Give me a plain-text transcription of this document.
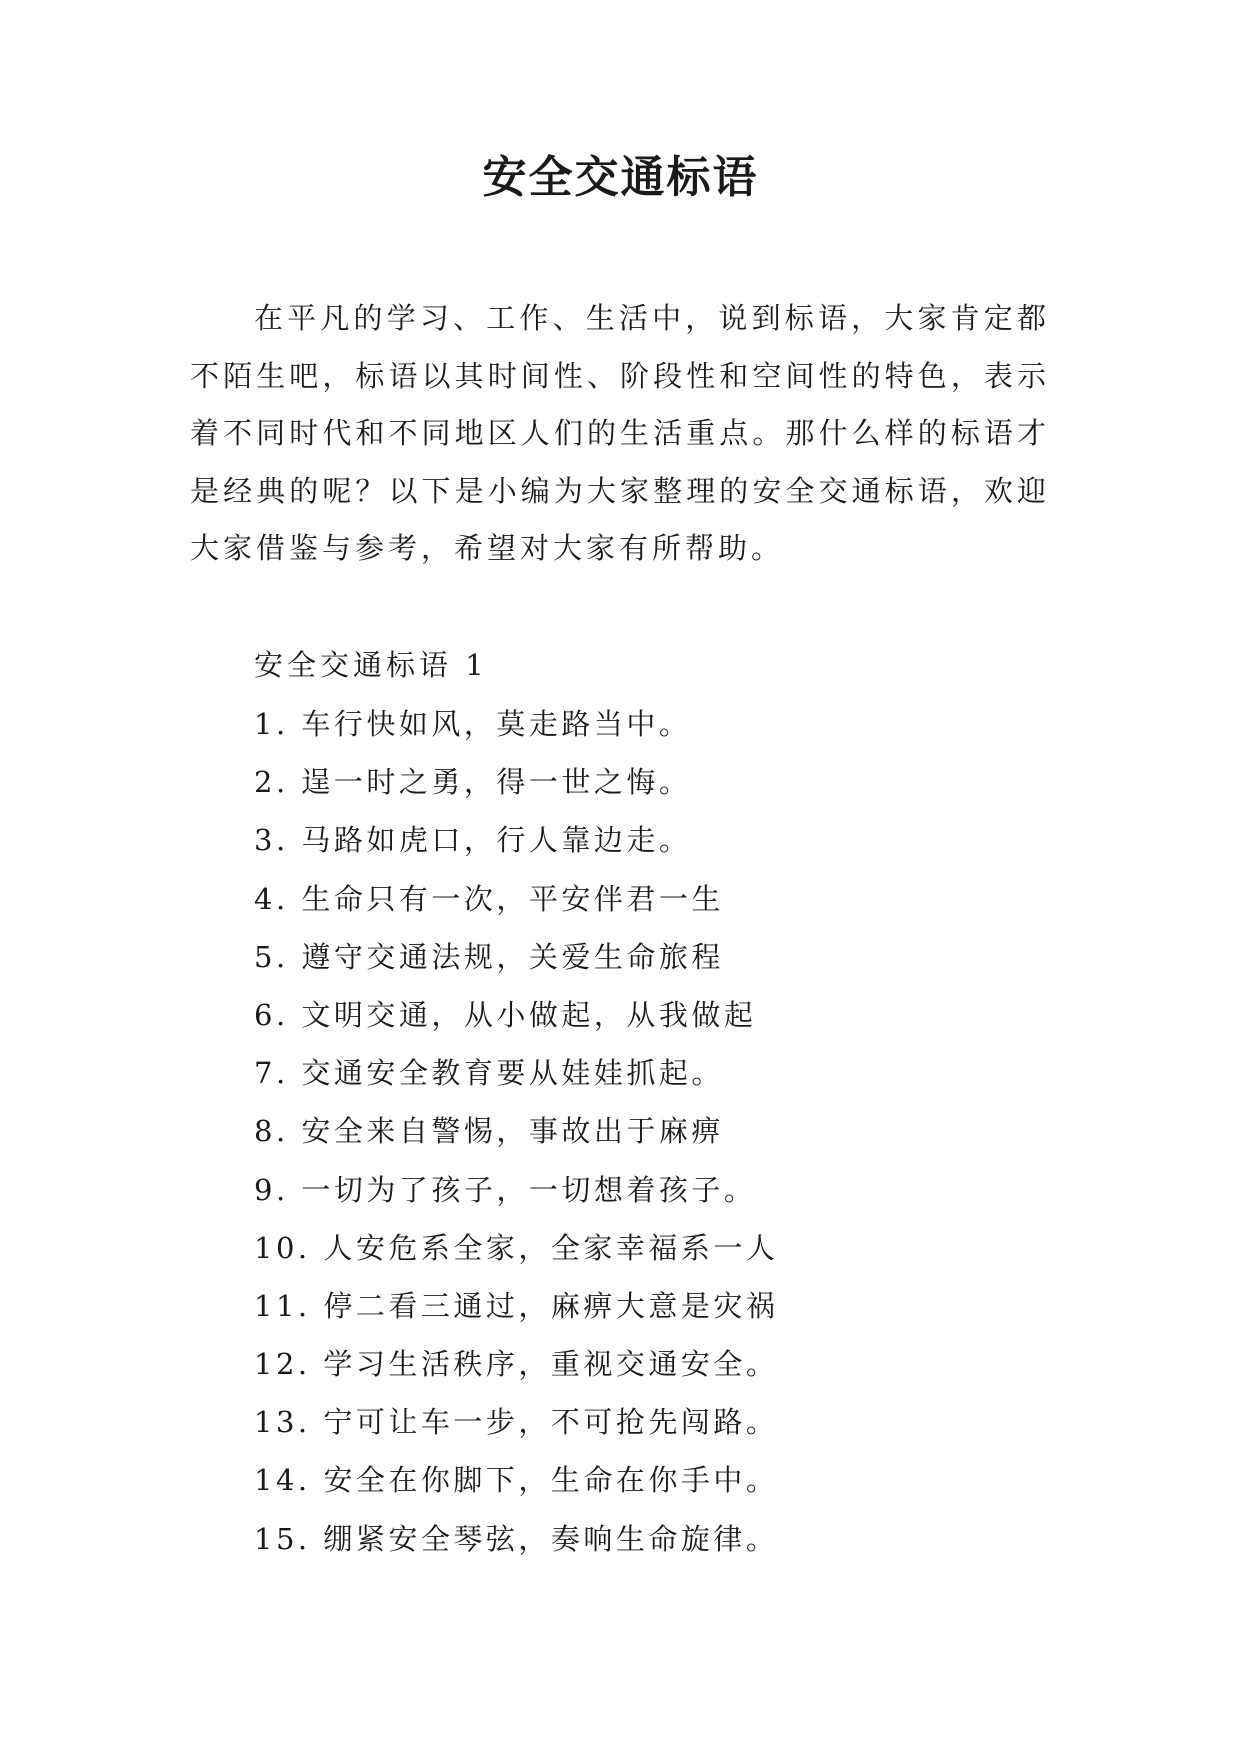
安全交通标语

在平凡的学习、工作、生活中，说到标语，大家肯定都不陌生吧，标语以其时间性、阶段性和空间性的特色，表示着不同时代和不同地区人们的生活重点。那什么样的标语才是经典的呢？以下是小编为大家整理的安全交通标语，欢迎大家借鉴与参考，希望对大家有所帮助。

安全交通标语 1
1. 车行快如风，莫走路当中。
2. 逞一时之勇，得一世之悔。
3. 马路如虎口，行人靠边走。
4. 生命只有一次，平安伴君一生
5. 遵守交通法规，关爱生命旅程
6. 文明交通，从小做起，从我做起
7. 交通安全教育要从娃娃抓起。
8. 安全来自警惕，事故出于麻痹
9. 一切为了孩子，一切想着孩子。
10. 人安危系全家，全家幸福系一人
11. 停二看三通过，麻痹大意是灾祸
12. 学习生活秩序，重视交通安全。
13. 宁可让车一步，不可抢先闯路。
14. 安全在你脚下，生命在你手中。
15. 绷紧安全琴弦，奏响生命旋律。
